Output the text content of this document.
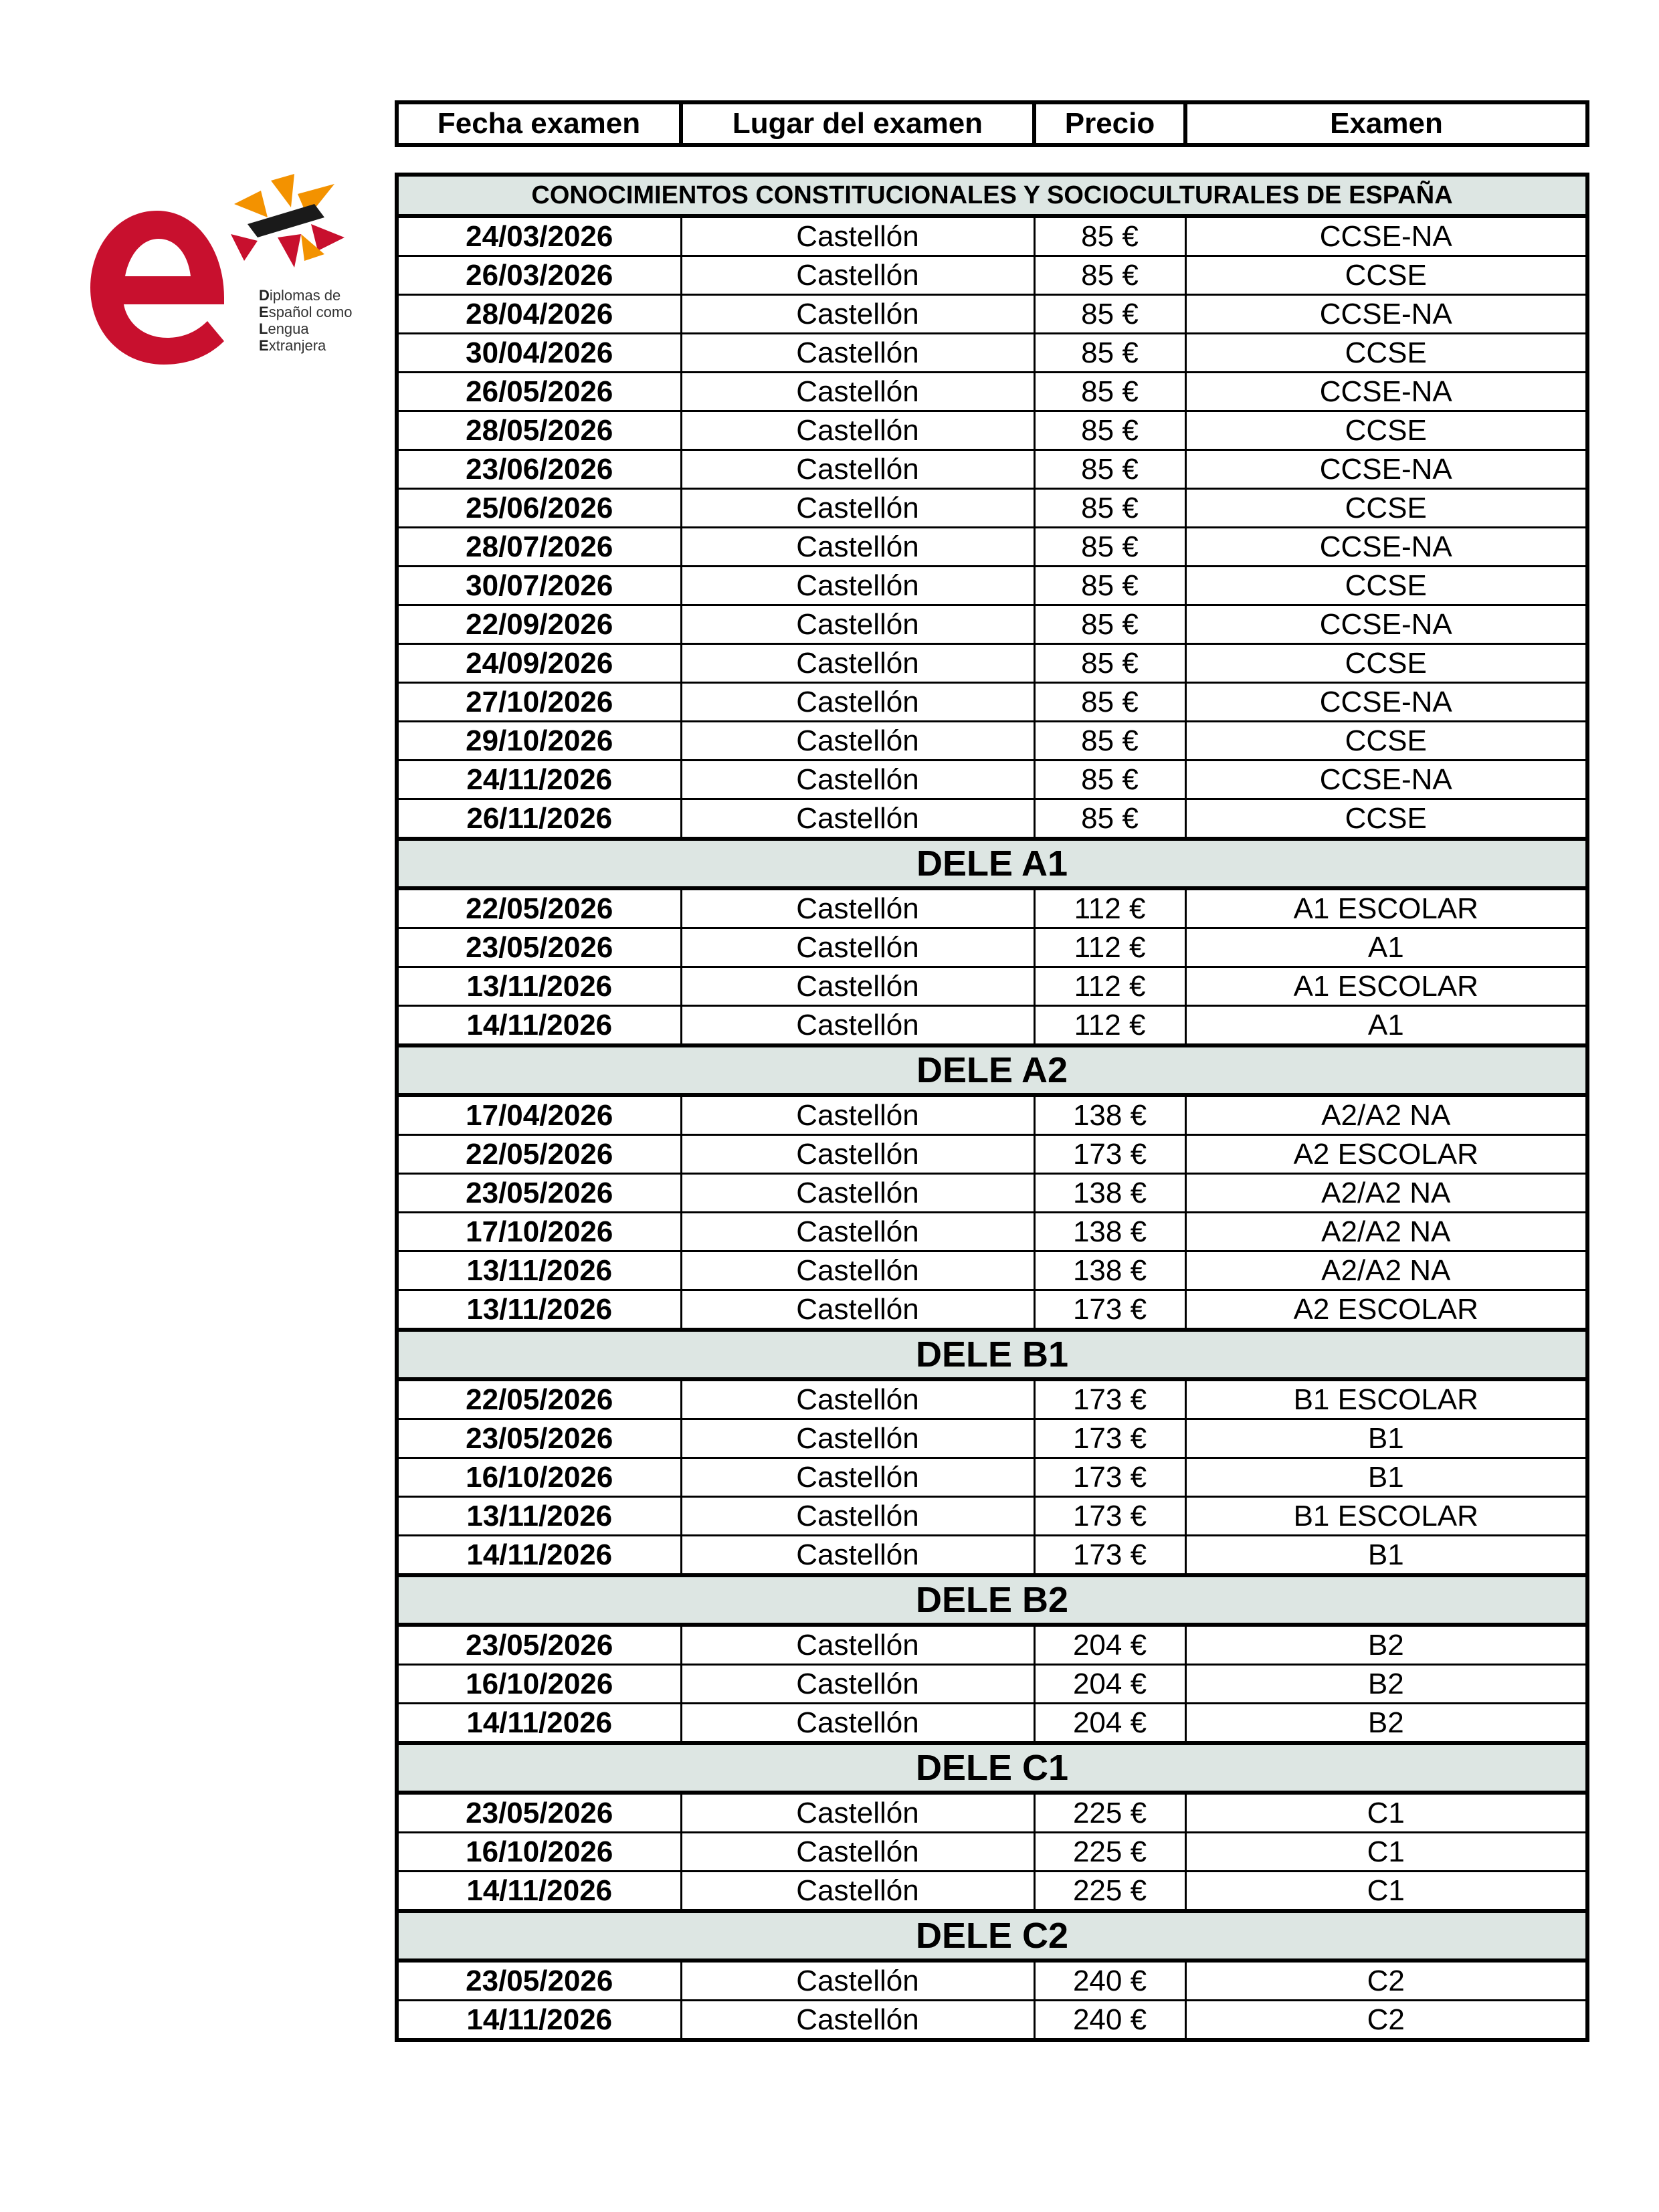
Diplomas de
Español como
Lengua
Extranjera
Fecha examen	Lugar del examen	Precio	Examen
CONOCIMIENTOS CONSTITUCIONALES Y SOCIOCULTURALES DE ESPAÑA			
24/03/2026	Castellón	85 €	CCSE-NA
26/03/2026	Castellón	85 €	CCSE
28/04/2026	Castellón	85 €	CCSE-NA
30/04/2026	Castellón	85 €	CCSE
26/05/2026	Castellón	85 €	CCSE-NA
28/05/2026	Castellón	85 €	CCSE
23/06/2026	Castellón	85 €	CCSE-NA
25/06/2026	Castellón	85 €	CCSE
28/07/2026	Castellón	85 €	CCSE-NA
30/07/2026	Castellón	85 €	CCSE
22/09/2026	Castellón	85 €	CCSE-NA
24/09/2026	Castellón	85 €	CCSE
27/10/2026	Castellón	85 €	CCSE-NA
29/10/2026	Castellón	85 €	CCSE
24/11/2026	Castellón	85 €	CCSE-NA
26/11/2026	Castellón	85 €	CCSE
DELE A1			
22/05/2026	Castellón	112 €	A1 ESCOLAR
23/05/2026	Castellón	112 €	A1
13/11/2026	Castellón	112 €	A1 ESCOLAR
14/11/2026	Castellón	112 €	A1
DELE A2			
17/04/2026	Castellón	138 €	A2/A2 NA
22/05/2026	Castellón	173 €	A2 ESCOLAR
23/05/2026	Castellón	138 €	A2/A2 NA
17/10/2026	Castellón	138 €	A2/A2 NA
13/11/2026	Castellón	138 €	A2/A2 NA
13/11/2026	Castellón	173 €	A2 ESCOLAR
DELE B1			
22/05/2026	Castellón	173 €	B1 ESCOLAR
23/05/2026	Castellón	173 €	B1
16/10/2026	Castellón	173 €	B1
13/11/2026	Castellón	173 €	B1 ESCOLAR
14/11/2026	Castellón	173 €	B1
DELE B2			
23/05/2026	Castellón	204 €	B2
16/10/2026	Castellón	204 €	B2
14/11/2026	Castellón	204 €	B2
DELE C1			
23/05/2026	Castellón	225 €	C1
16/10/2026	Castellón	225 €	C1
14/11/2026	Castellón	225 €	C1
DELE C2			
23/05/2026	Castellón	240 €	C2
14/11/2026	Castellón	240 €	C2
